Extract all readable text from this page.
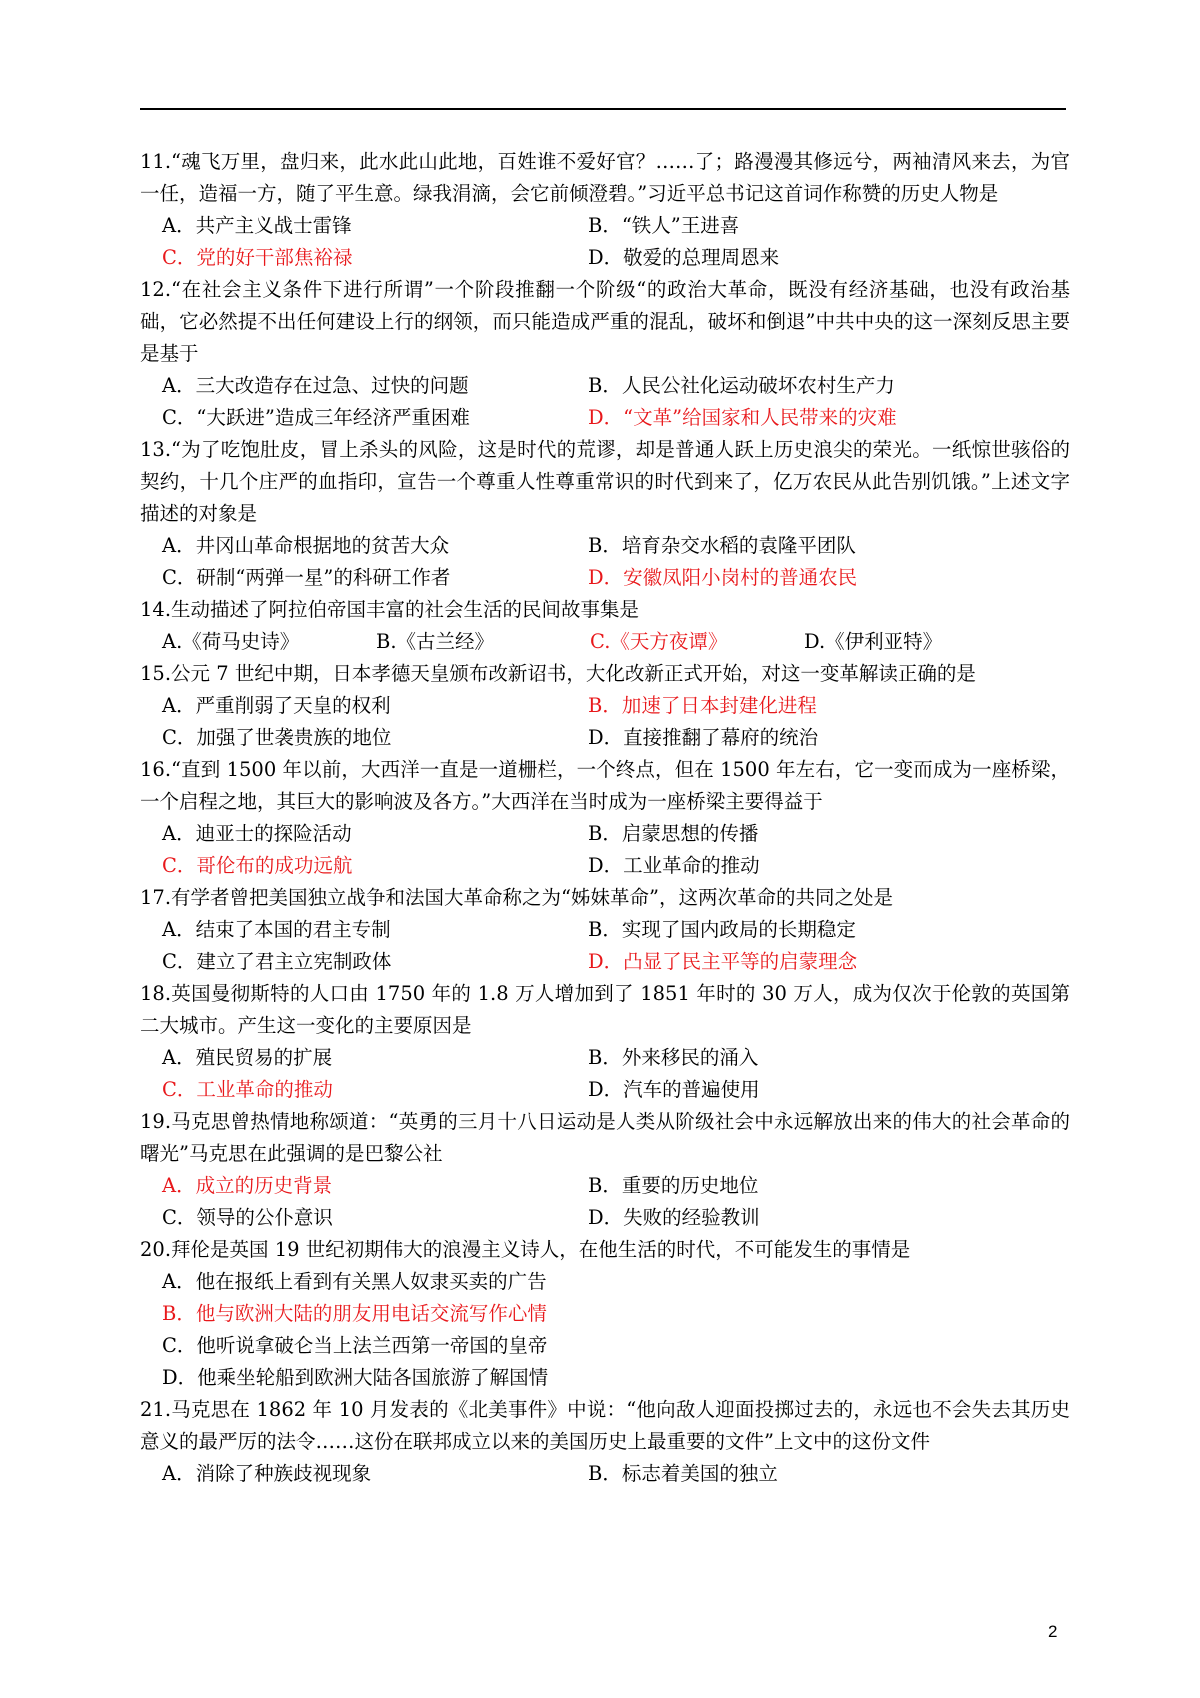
11.“魂飞万里，盘归来，此水此山此地，百姓谁不爱好官？……了；路漫漫其修远兮，两袖清风来去，为官一任，造福一方，随了平生意。绿我涓滴，会它前倾澄碧。”习近平总书记这首词作称赞的历史人物是
A．共产主义战士雷锋	B．“铁人”王进喜
C．党的好干部焦裕禄	D．敬爱的总理周恩来
12.“在社会主义条件下进行所谓”一个阶段推翻一个阶级“的政治大革命，既没有经济基础，也没有政治基础，它必然提不出任何建设上行的纲领，而只能造成严重的混乱，破坏和倒退”中共中央的这一深刻反思主要是基于
A．三大改造存在过急、过快的问题	B．人民公社化运动破坏农村生产力
C．“大跃进”造成三年经济严重困难	D．“文革”给国家和人民带来的灾难
13.“为了吃饱肚皮，冒上杀头的风险，这是时代的荒谬，却是普通人跃上历史浪尖的荣光。一纸惊世骇俗的契约，十几个庄严的血指印，宣告一个尊重人性尊重常识的时代到来了，亿万农民从此告别饥饿。”上述文字描述的对象是
A．井冈山革命根据地的贫苦大众	B．培育杂交水稻的袁隆平团队
C．研制“两弹一星”的科研工作者	D．安徽凤阳小岗村的普通农民
14.生动描述了阿拉伯帝国丰富的社会生活的民间故事集是
A.《荷马史诗》	B.《古兰经》	C.《天方夜谭》	D.《伊利亚特》
15.公元 7 世纪中期，日本孝德天皇颁布改新诏书，大化改新正式开始，对这一变革解读正确的是
A．严重削弱了天皇的权利	B．加速了日本封建化进程
C．加强了世袭贵族的地位	D．直接推翻了幕府的统治
16.“直到 1500 年以前，大西洋一直是一道栅栏，一个终点，但在 1500 年左右，它一变而成为一座桥梁，一个启程之地，其巨大的影响波及各方。”大西洋在当时成为一座桥梁主要得益于
A．迪亚士的探险活动	B．启蒙思想的传播
C．哥伦布的成功远航	D．工业革命的推动
17.有学者曾把美国独立战争和法国大革命称之为“姊妹革命”，这两次革命的共同之处是
A．结束了本国的君主专制	B．实现了国内政局的长期稳定
C．建立了君主立宪制政体	D．凸显了民主平等的启蒙理念
18.英国曼彻斯特的人口由 1750 年的 1.8 万人增加到了 1851 年时的 30 万人，成为仅次于伦敦的英国第二大城市。产生这一变化的主要原因是
A．殖民贸易的扩展	B．外来移民的涌入
C．工业革命的推动	D．汽车的普遍使用
19.马克思曾热情地称颂道：“英勇的三月十八日运动是人类从阶级社会中永远解放出来的伟大的社会革命的曙光”马克思在此强调的是巴黎公社
A．成立的历史背景	B．重要的历史地位
C．领导的公仆意识	D．失败的经验教训
20.拜伦是英国 19 世纪初期伟大的浪漫主义诗人，在他生活的时代，不可能发生的事情是
A．他在报纸上看到有关黑人奴隶买卖的广告
B．他与欧洲大陆的朋友用电话交流写作心情
C．他听说拿破仑当上法兰西第一帝国的皇帝
D．他乘坐轮船到欧洲大陆各国旅游了解国情
21.马克思在 1862 年 10 月发表的《北美事件》中说：“他向敌人迎面投掷过去的，永远也不会失去其历史意义的最严厉的法令……这份在联邦成立以来的美国历史上最重要的文件”上文中的这份文件
A．消除了种族歧视现象	B．标志着美国的独立
2
